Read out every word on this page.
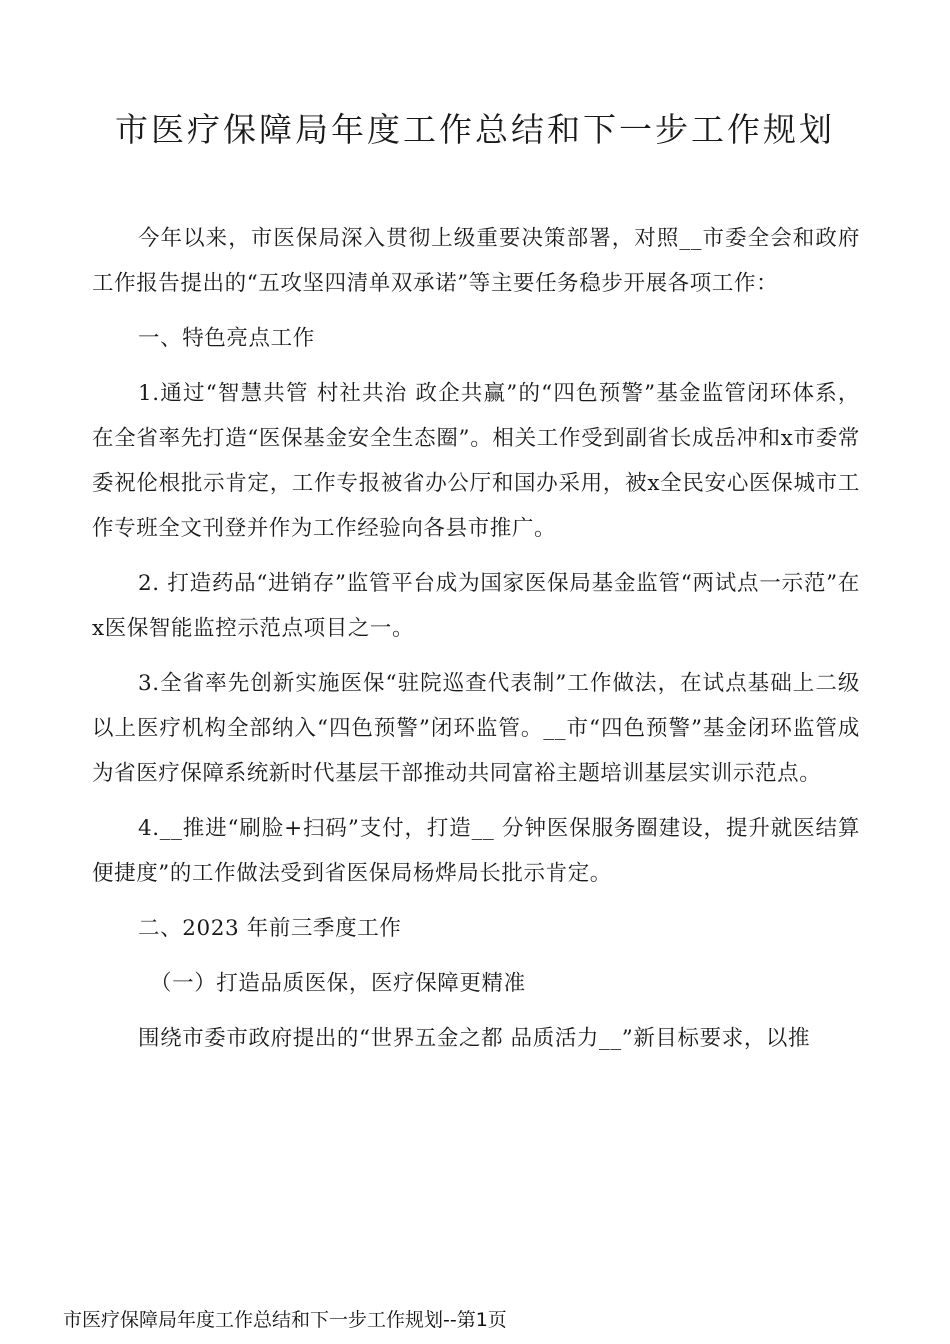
市医疗保障局年度工作总结和下一步工作规划

今年以来，市医保局深入贯彻上级重要决策部署，对照__市委全会和政府工作报告提出的“五攻坚四清单双承诺”等主要任务稳步开展各项工作：

一、特色亮点工作

1.通过“智慧共管 村社共治 政企共赢”的“四色预警”基金监管闭环体系，在全省率先打造“医保基金安全生态圈”。相关工作受到副省长成岳冲和x市委常委祝伦根批示肯定，工作专报被省办公厅和国办采用，被x全民安心医保城市工作专班全文刊登并作为工作经验向各县市推广。

2. 打造药品“进销存”监管平台成为国家医保局基金监管“两试点一示范”在x医保智能监控示范点项目之一。

3.全省率先创新实施医保“驻院巡查代表制”工作做法，在试点基础上二级以上医疗机构全部纳入“四色预警”闭环监管。__市“四色预警”基金闭环监管成为省医疗保障系统新时代基层干部推动共同富裕主题培训基层实训示范点。

4.__推进“刷脸+扫码”支付，打造__ 分钟医保服务圈建设，提升就医结算便捷度”的工作做法受到省医保局杨烨局长批示肯定。

二、2023 年前三季度工作

（一）打造品质医保，医疗保障更精准

围绕市委市政府提出的“世界五金之都 品质活力__”新目标要求，以推

市医疗保障局年度工作总结和下一步工作规划--第1页
